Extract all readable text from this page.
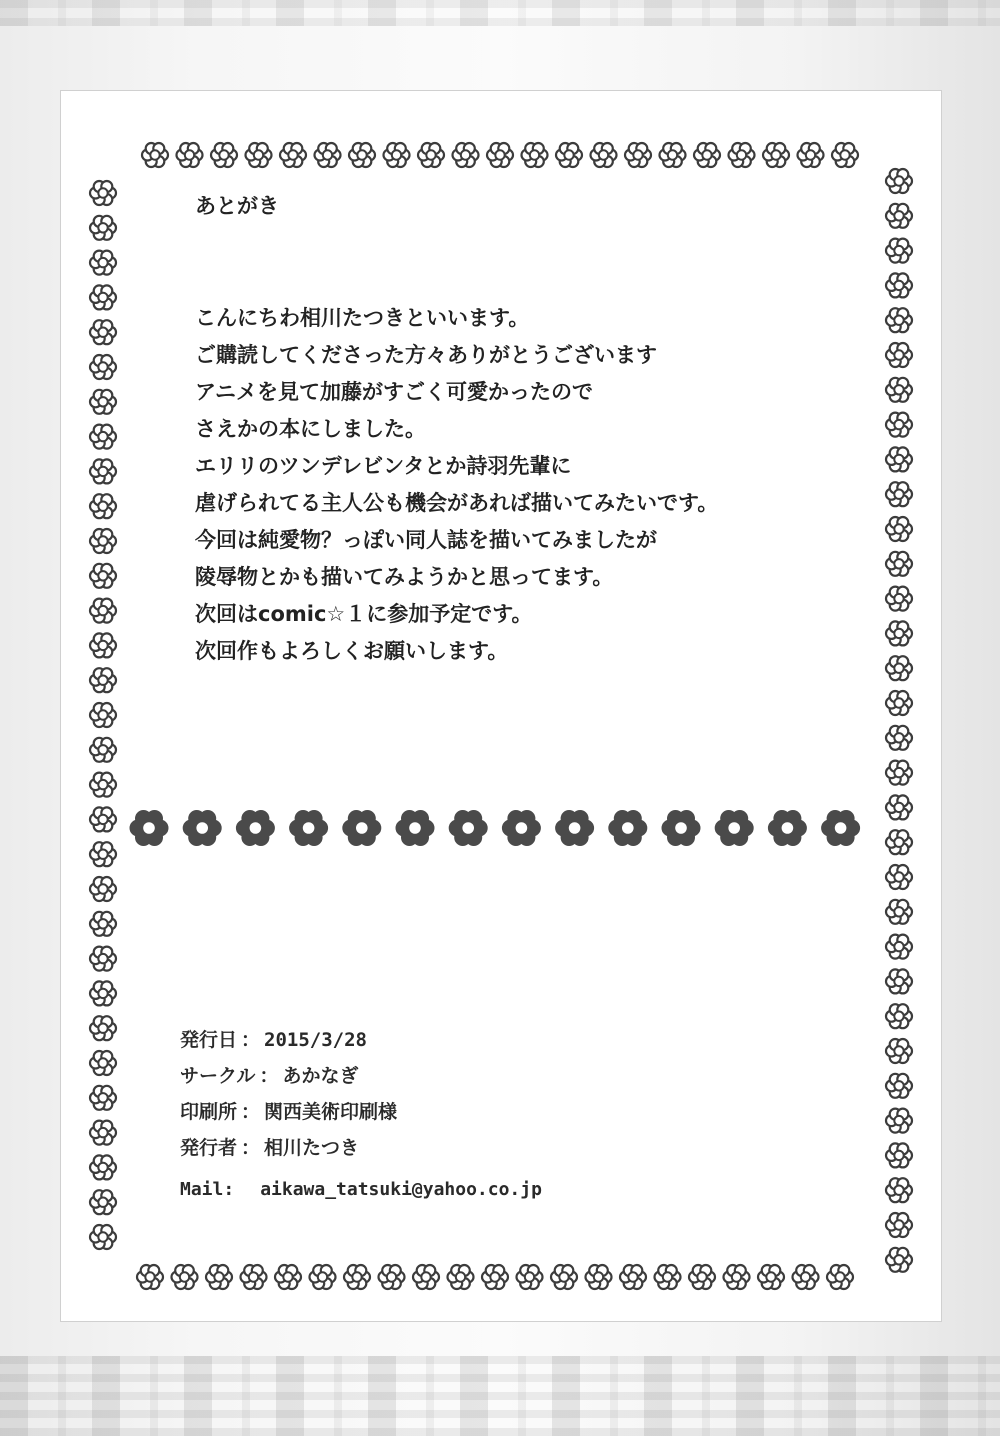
あとがき
こんにちわ相川たつきといいます。
ご購読してくださった方々ありがとうございます
アニメを見て加藤がすごく可愛かったので
さえかの本にしました。
エリリのツンデレビンタとか詩羽先輩に
虐げられてる主人公も機会があれば描いてみたいです。
今回は純愛物？っぽい同人誌を描いてみましたが
陵辱物とかも描いてみようかと思ってます。
次回はcomic☆１に参加予定です。
次回作もよろしくお願いします。
発行日 ： 2015/3/28
サークル ： あかなぎ
印刷所 ： 関西美術印刷様
発行者 ： 相川たつき
Mail: aikawa_tatsuki@yahoo.co.jp
